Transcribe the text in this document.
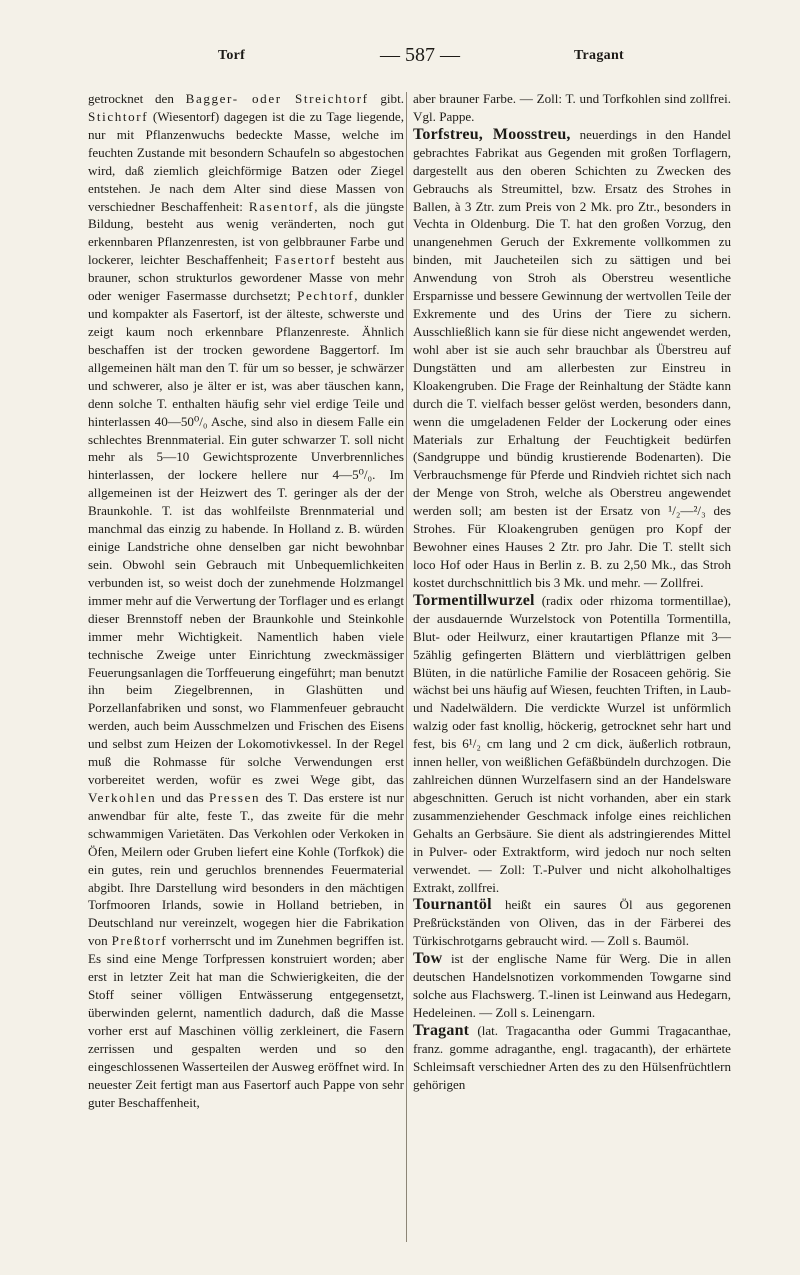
Torf	— 587 —	Tragant

getrocknet den Bagger- oder Streichtorf gibt. Stichtorf (Wiesentorf) dagegen ist die zu Tage liegende, nur mit Pflanzenwuchs bedeckte Masse, welche im feuchten Zustande mit besondern Schaufeln so abgestochen wird, daß ziemlich gleichförmige Batzen oder Ziegel entstehen. Je nach dem Alter sind diese Massen von verschiedner Beschaffenheit: Rasentorf, als die jüngste Bildung, besteht aus wenig veränderten, noch gut erkennbaren Pflanzenresten, ist von gelbbrauner Farbe und lockerer, leichter Beschaffenheit; Fasertorf besteht aus brauner, schon strukturlos gewordener Masse von mehr oder weniger Fasermasse durchsetzt; Pechtorf, dunkler und kompakter als Fasertorf, ist der älteste, schwerste und zeigt kaum noch erkennbare Pflanzenreste. Ähnlich beschaffen ist der trocken gewordene Baggertorf. Im allgemeinen hält man den T. für um so besser, je schwärzer und schwerer, also je älter er ist, was aber täuschen kann, denn solche T. enthalten häufig sehr viel erdige Teile und hinterlassen 40—50⁰/₀ Asche, sind also in diesem Falle ein schlechtes Brennmaterial. Ein guter schwarzer T. soll nicht mehr als 5—10 Gewichtsprozente Unverbrennliches hinterlassen, der lockere hellere nur 4—5⁰/₀. Im allgemeinen ist der Heizwert des T. geringer als der der Braunkohle. T. ist das wohlfeilste Brennmaterial und manchmal das einzig zu habende. In Holland z. B. würden einige Landstriche ohne denselben gar nicht bewohnbar sein. Obwohl sein Gebrauch mit Unbequemlichkeiten verbunden ist, so weist doch der zunehmende Holzmangel immer mehr auf die Verwertung der Torflager und es erlangt dieser Brennstoff neben der Braunkohle und Steinkohle immer mehr Wichtigkeit. Namentlich haben viele technische Zweige unter Einrichtung zweckmässiger Feuerungsanlagen die Torffeuerung eingeführt; man benutzt ihn beim Ziegelbrennen, in Glashütten und Porzellanfabriken und sonst, wo Flammenfeuer gebraucht werden, auch beim Ausschmelzen und Frischen des Eisens und selbst zum Heizen der Lokomotivkessel. In der Regel muß die Rohmasse für solche Verwendungen erst vorbereitet werden, wofür es zwei Wege gibt, das Verkohlen und das Pressen des T. Das erstere ist nur anwendbar für alte, feste T., das zweite für die mehr schwammigen Varietäten. Das Verkohlen oder Verkoken in Öfen, Meilern oder Gruben liefert eine Kohle (Torfkok) die ein gutes, rein und geruchlos brennendes Feuermaterial abgibt. Ihre Darstellung wird besonders in den mächtigen Torfmooren Irlands, sowie in Holland betrieben, in Deutschland nur vereinzelt, wogegen hier die Fabrikation von Preßtorf vorherrscht und im Zunehmen begriffen ist. Es sind eine Menge Torfpressen konstruiert worden; aber erst in letzter Zeit hat man die Schwierigkeiten, die der Stoff seiner völligen Entwässerung entgegensetzt, überwinden gelernt, namentlich dadurch, daß die Masse vorher erst auf Maschinen völlig zerkleinert, die Fasern zerrissen und gespalten werden und so den eingeschlossenen Wasserteilen der Ausweg eröffnet wird. In neuester Zeit fertigt man aus Fasertorf auch Pappe von sehr guter Beschaffenheit,

aber brauner Farbe. — Zoll: T. und Torfkohlen sind zollfrei. Vgl. Pappe.

Torfstreu, Moosstreu, neuerdings in den Handel gebrachtes Fabrikat aus Gegenden mit großen Torflagern, dargestellt aus den oberen Schichten zu Zwecken des Gebrauchs als Streumittel, bzw. Ersatz des Strohes in Ballen, à 3 Ztr. zum Preis von 2 Mk. pro Ztr., besonders in Vechta in Oldenburg. Die T. hat den großen Vorzug, den unangenehmen Geruch der Exkremente vollkommen zu binden, mit Jaucheteilen sich zu sättigen und bei Anwendung von Stroh als Oberstreu wesentliche Ersparnisse und bessere Gewinnung der wertvollen Teile der Exkremente und des Urins der Tiere zu sichern. Ausschließlich kann sie für diese nicht angewendet werden, wohl aber ist sie auch sehr brauchbar als Überstreu auf Dungstätten und am allerbesten zur Einstreu in Kloakengruben. Die Frage der Reinhaltung der Städte kann durch die T. vielfach besser gelöst werden, besonders dann, wenn die umgeladenen Felder der Lockerung oder eines Materials zur Erhaltung der Feuchtigkeit bedürfen (Sandgruppe und bündig krustierende Bodenarten). Die Verbrauchsmenge für Pferde und Rindvieh richtet sich nach der Menge von Stroh, welche als Oberstreu angewendet werden soll; am besten ist der Ersatz von ¹/₂—²/₃ des Strohes. Für Kloakengruben genügen pro Kopf der Bewohner eines Hauses 2 Ztr. pro Jahr. Die T. stellt sich loco Hof oder Haus in Berlin z. B. zu 2,50 Mk., das Stroh kostet durchschnittlich bis 3 Mk. und mehr. — Zollfrei.

Tormentillwurzel (radix oder rhizoma tormentillae), der ausdauernde Wurzelstock von Potentilla Tormentilla, Blut- oder Heilwurz, einer krautartigen Pflanze mit 3—5zählig gefingerten Blättern und vierblättrigen gelben Blüten, in die natürliche Familie der Rosaceen gehörig. Sie wächst bei uns häufig auf Wiesen, feuchten Triften, in Laub- und Nadelwäldern. Die verdickte Wurzel ist unförmlich walzig oder fast knollig, höckerig, getrocknet sehr hart und fest, bis 6¹/₂ cm lang und 2 cm dick, äußerlich rotbraun, innen heller, von weißlichen Gefäßbündeln durchzogen. Die zahlreichen dünnen Wurzelfasern sind an der Handelsware abgeschnitten. Geruch ist nicht vorhanden, aber ein stark zusammenziehender Geschmack infolge eines reichlichen Gehalts an Gerbsäure. Sie dient als adstringierendes Mittel in Pulver- oder Extraktform, wird jedoch nur noch selten verwendet. — Zoll: T.-Pulver und nicht alkoholhaltiges Extrakt, zollfrei.

Tournantöl heißt ein saures Öl aus gegorenen Preßrückständen von Oliven, das in der Färberei des Türkischrotgarns gebraucht wird. — Zoll s. Baumöl.

Tow ist der englische Name für Werg. Die in allen deutschen Handelsnotizen vorkommenden Towgarne sind solche aus Flachswerg. T.-linen ist Leinwand aus Hedegarn, Hedeleinen. — Zoll s. Leinengarn.

Tragant (lat. Tragacantha oder Gummi Tragacanthae, franz. gomme adraganthe, engl. tragacanth), der erhärtete Schleimsaft verschiedner Arten des zu den Hülsenfrüchtlern gehörigen
